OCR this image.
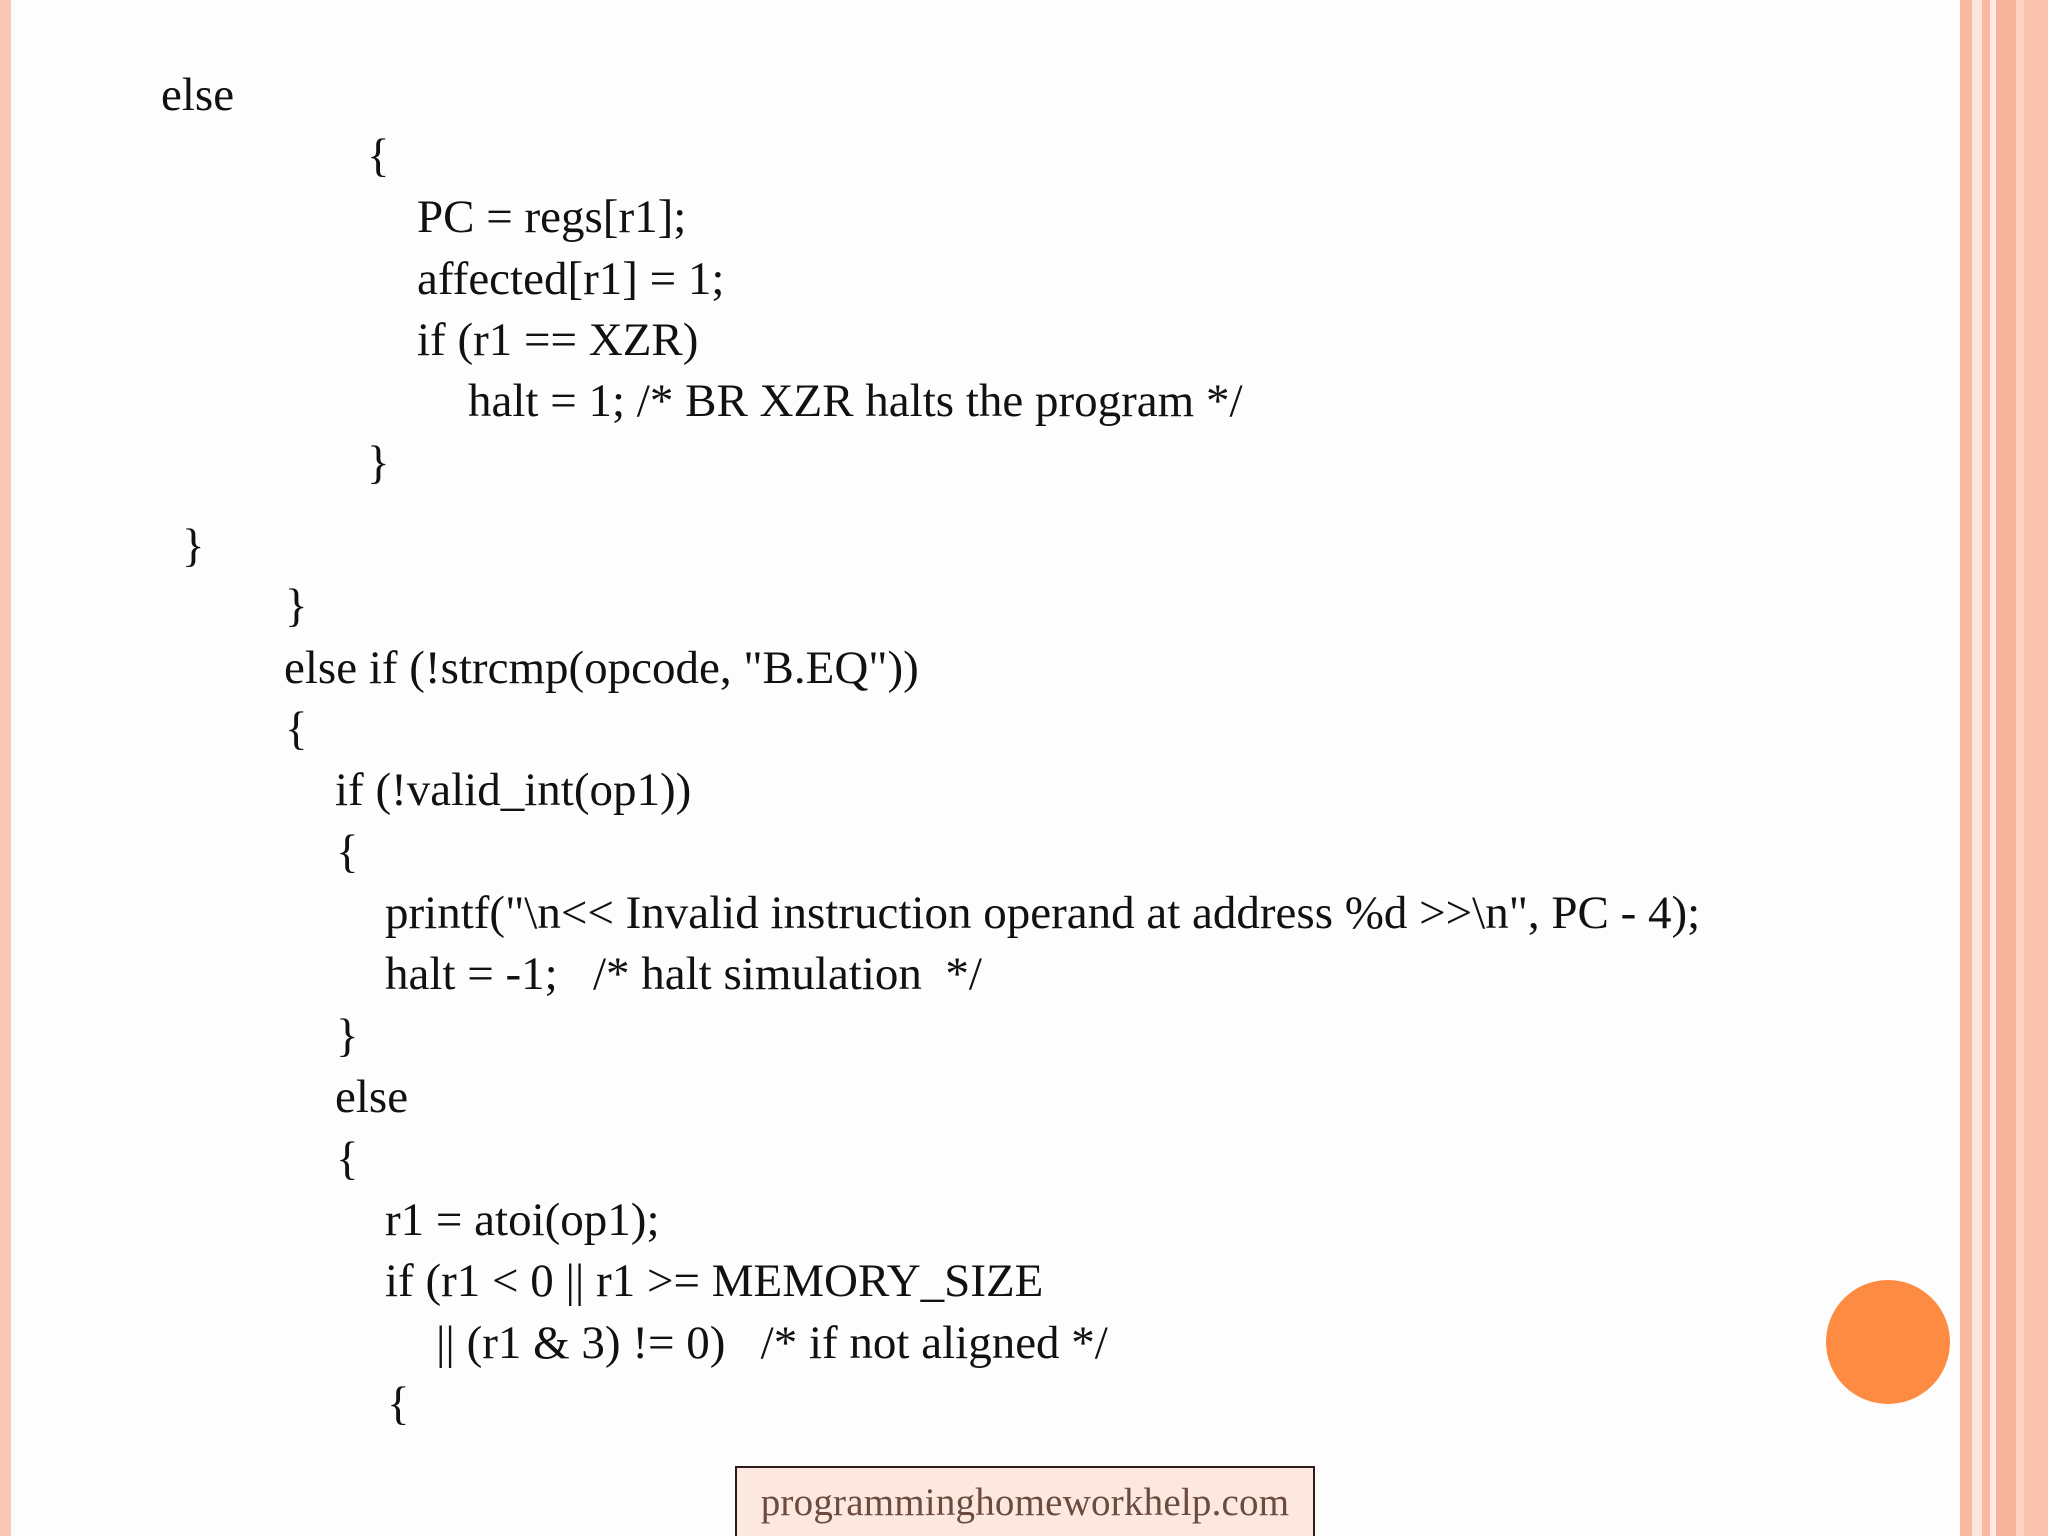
else
{
PC = regs[r1];
affected[r1] = 1;
if (r1 == XZR)
halt = 1; /* BR XZR halts the program */
}
}
}
else if (!strcmp(opcode, "B.EQ"))
{
if (!valid_int(op1))
{
printf("\n<< Invalid instruction operand at address %d >>\n", PC - 4);
halt = -1;   /* halt simulation  */
}
else
{
r1 = atoi(op1);
if (r1 < 0 || r1 >= MEMORY_SIZE
|| (r1 & 3) != 0)   /* if not aligned */
{
programminghomeworkhelp.com
